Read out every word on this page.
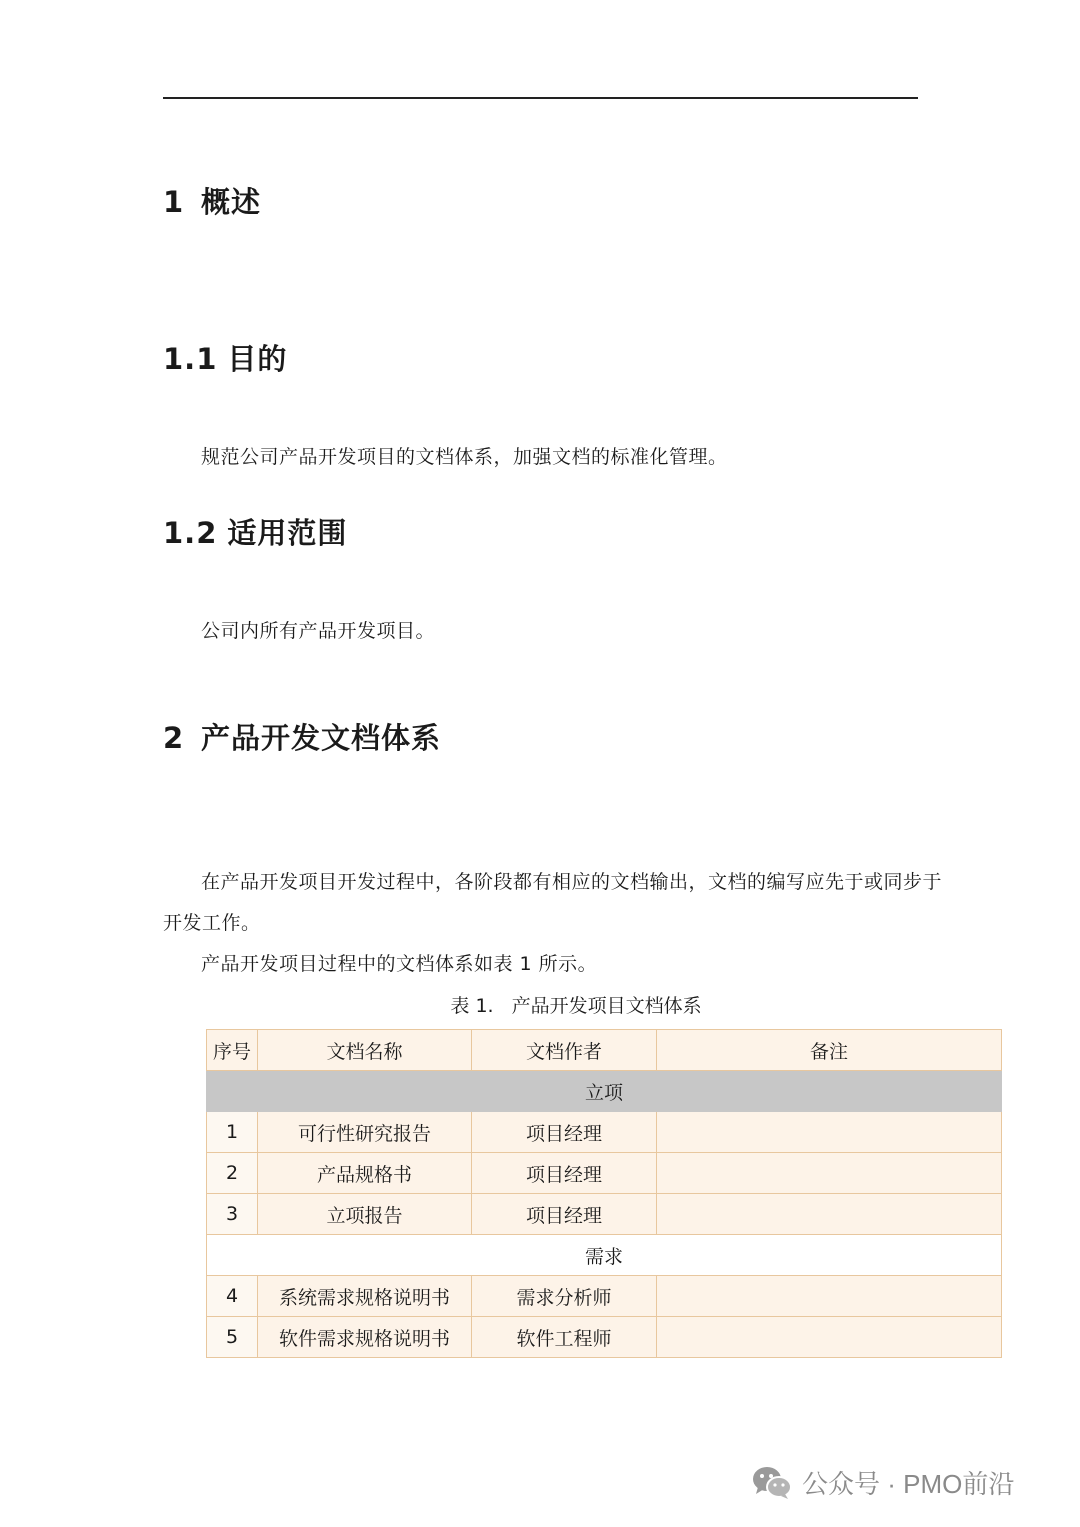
1 概述
1.1 目的
规范公司产品开发项目的文档体系，加强文档的标准化管理。
1.2 适用范围
公司内所有产品开发项目。
2 产品开发文档体系
在产品开发项目开发过程中，各阶段都有相应的文档输出，文档的编写应先于或同步于
开发工作。
产品开发项目过程中的文档体系如表 1 所示。
表 1. 产品开发项目文档体系
序号	文档名称	文档作者	备注
立项			
1	可行性研究报告	项目经理	
2	产品规格书	项目经理	
3	立项报告	项目经理	
需求			
4	系统需求规格说明书	需求分析师	
5	软件需求规格说明书	软件工程师	
公众号 · PMO前沿
